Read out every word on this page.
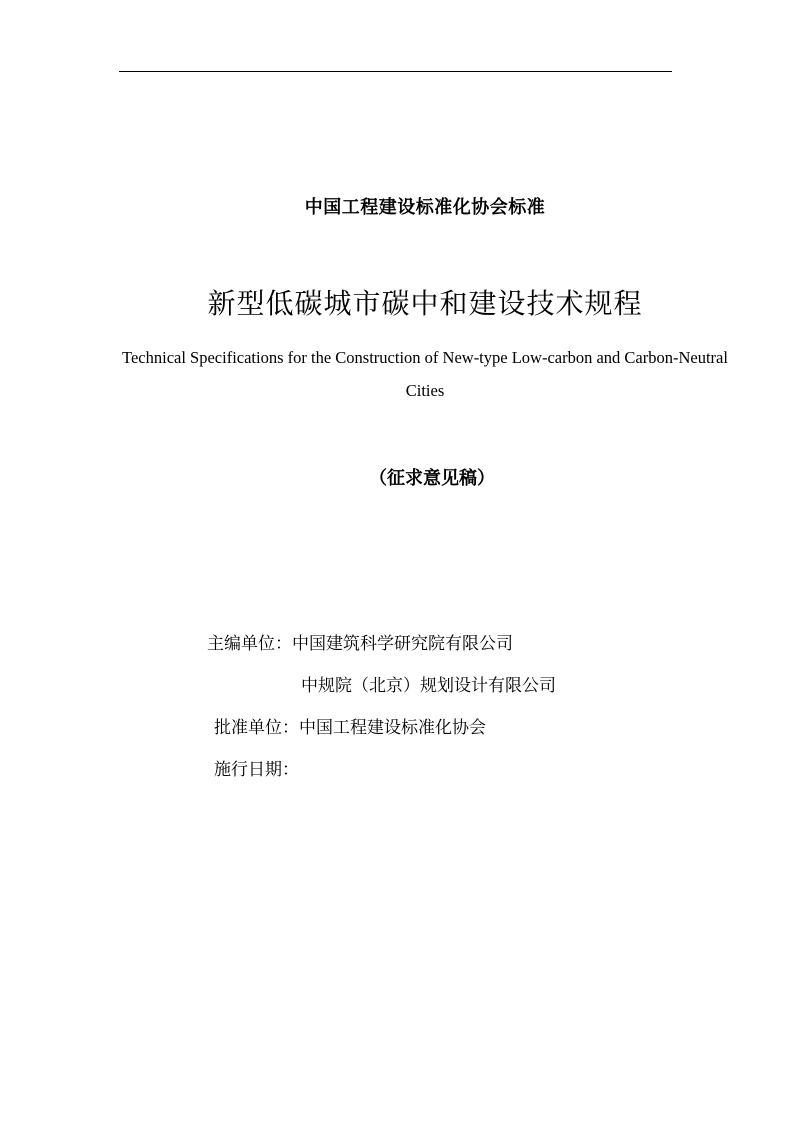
中国工程建设标准化协会标准
新型低碳城市碳中和建设技术规程
Technical Specifications for the Construction of New-type Low-carbon and Carbon-Neutral Cities
（征求意见稿）
主编单位：中国建筑科学研究院有限公司
中规院（北京）规划设计有限公司
批准单位：中国工程建设标准化协会
施行日期：
